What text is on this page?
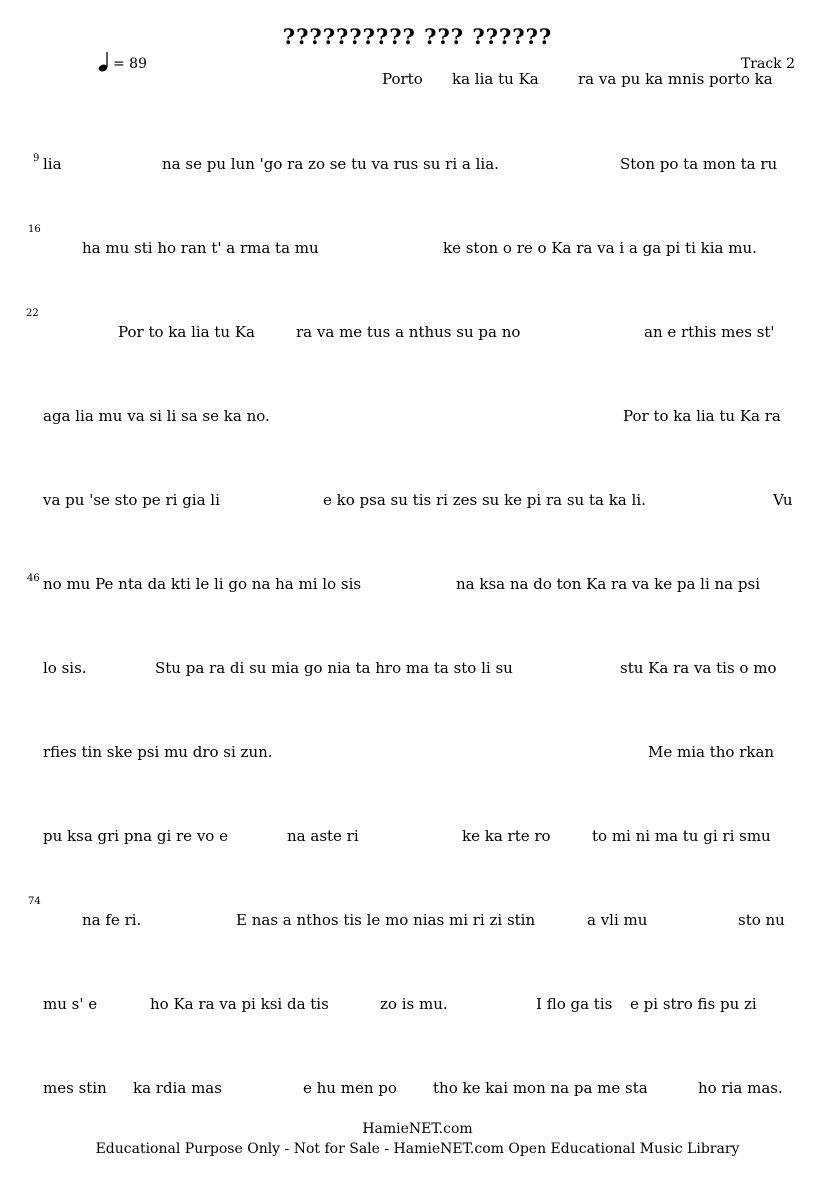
?????????? ??? ??????
= 89	Track 2
Porto ka lia tu Ka	ra va pu ka mnis porto ka
9 lia	na se pu lun 'go ra zo se tu va rus su ri a lia.	Ston po ta mon ta ru
16
ha mu sti ho ran t' a rma ta mu	ke ston o re o Ka ra va i a ga pi ti kia mu.
22
Por to ka lia tu Ka	ra va me tus a nthus su pa no	an e rthis mes st'
aga lia mu va si li sa se ka no.	Por to ka lia tu Ka ra
va pu 'se sto pe ri gia li	e ko psa su tis ri zes su ke pi ra su ta ka li.	Vu
46 no mu Pe nta da kti le li go na ha mi lo sis	na ksa na do ton Ka ra va ke pa li na psi
lo sis.	Stu pa ra di su mia go nia ta hro ma ta sto li su	stu Ka ra va tis o mo
rfies tin ske psi mu dro si zun.	Me mia tho rkan
pu ksa gri pna gi re vo e	na aste ri	ke ka rte ro	to mi ni ma tu gi ri smu
74
na fe ri.	E nas a nthos tis le mo nias mi ri zi stin	a vli mu	sto nu
mu s' e	ho Ka ra va pi ksi da tis	zo is mu.	I flo ga tis e pi stro fis pu zi
mes stin ka rdia mas	e hu men po tho ke kai mon na pa me sta	ho ria mas.
HamieNET.com
Educational Purpose Only - Not for Sale - HamieNET.com Open Educational Music Library
